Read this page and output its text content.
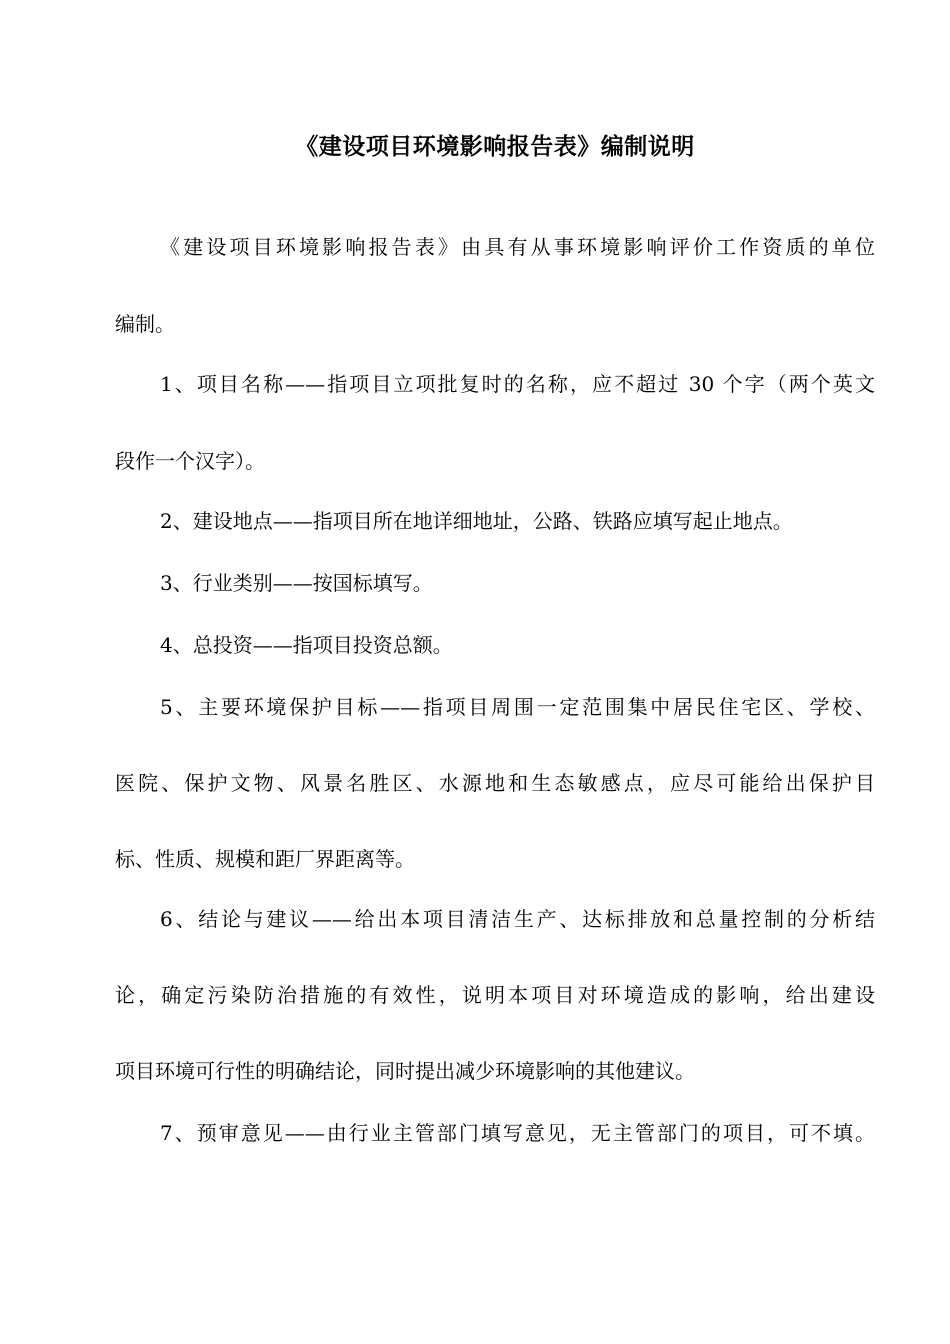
《建设项目环境影响报告表》编制说明
《建设项目环境影响报告表》由具有从事环境影响评价工作资质的单位
编制。
1、项目名称——指项目立项批复时的名称，应不超过 30 个字（两个英文
段作一个汉字）。
2、建设地点——指项目所在地详细地址，公路、铁路应填写起止地点。
3、行业类别——按国标填写。
4、总投资——指项目投资总额。
5、主要环境保护目标——指项目周围一定范围集中居民住宅区、学校、
医院、保护文物、风景名胜区、水源地和生态敏感点，应尽可能给出保护目
标、性质、规模和距厂界距离等。
6、结论与建议——给出本项目清洁生产、达标排放和总量控制的分析结
论，确定污染防治措施的有效性，说明本项目对环境造成的影响，给出建设
项目环境可行性的明确结论，同时提出减少环境影响的其他建议。
7、预审意见——由行业主管部门填写意见，无主管部门的项目，可不填。
